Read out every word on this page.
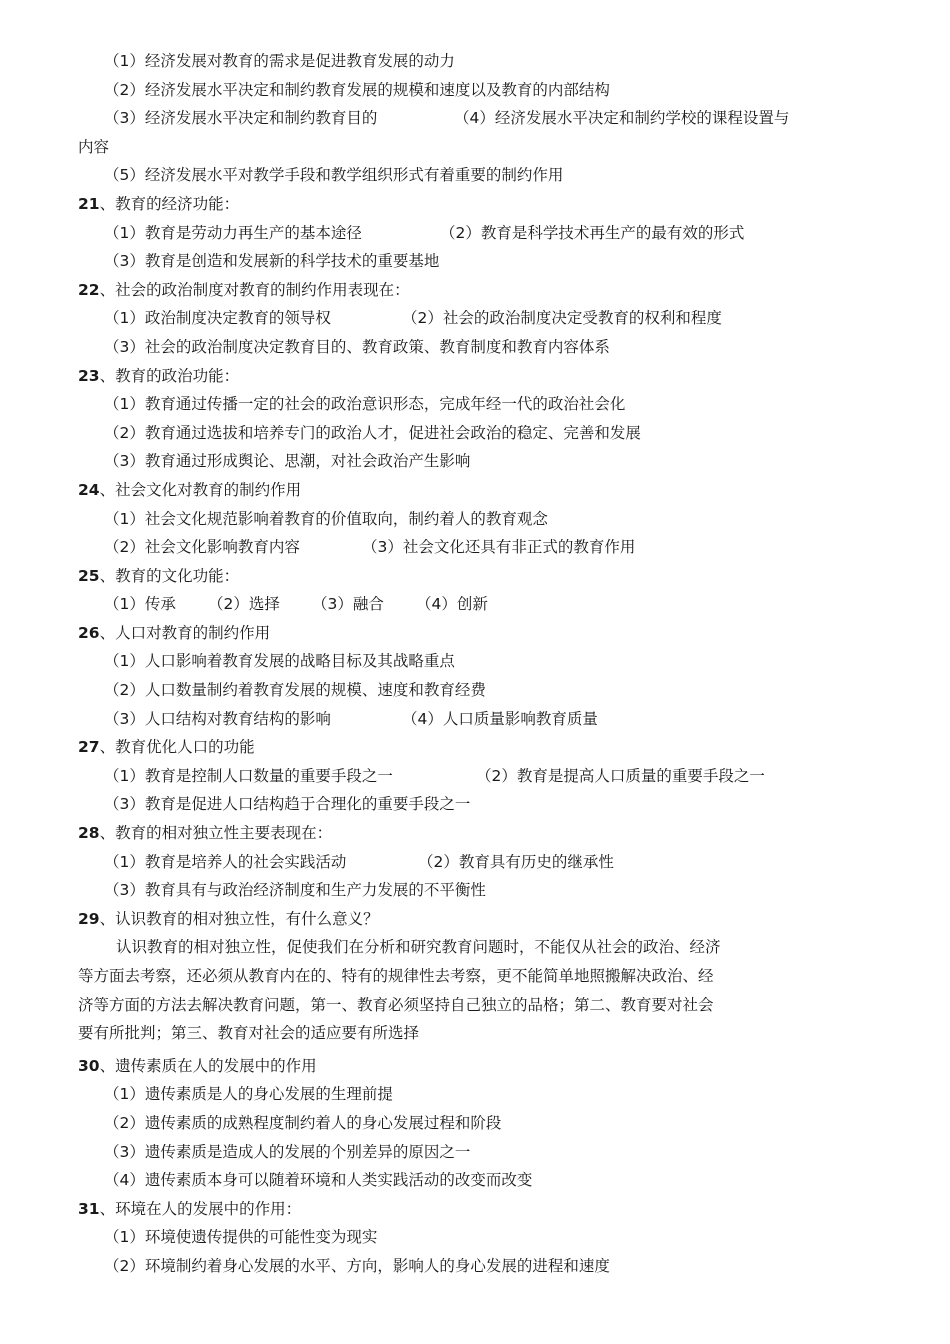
（1）经济发展对教育的需求是促进教育发展的动力
（2）经济发展水平决定和制约教育发展的规模和速度以及教育的内部结构
（3）经济发展水平决定和制约教育目的	（4）经济发展水平决定和制约学校的课程设置与
内容
（5）经济发展水平对教学手段和教学组织形式有着重要的制约作用
21、教育的经济功能：
（1）教育是劳动力再生产的基本途径	（2）教育是科学技术再生产的最有效的形式
（3）教育是创造和发展新的科学技术的重要基地
22、社会的政治制度对教育的制约作用表现在：
（1）政治制度决定教育的领导权	（2）社会的政治制度决定受教育的权利和程度
（3）社会的政治制度决定教育目的、教育政策、教育制度和教育内容体系
23、教育的政治功能：
（1）教育通过传播一定的社会的政治意识形态，完成年经一代的政治社会化
（2）教育通过选拔和培养专门的政治人才，促进社会政治的稳定、完善和发展
（3）教育通过形成舆论、思潮，对社会政治产生影响
24、社会文化对教育的制约作用
（1）社会文化规范影响着教育的价值取向，制约着人的教育观念
（2）社会文化影响教育内容	（3）社会文化还具有非正式的教育作用
25、教育的文化功能：
（1）传承 （2）选择 （3）融合 （4）创新
26、人口对教育的制约作用
（1）人口影响着教育发展的战略目标及其战略重点
（2）人口数量制约着教育发展的规模、速度和教育经费
（3）人口结构对教育结构的影响	（4）人口质量影响教育质量
27、教育优化人口的功能
（1）教育是控制人口数量的重要手段之一	（2）教育是提高人口质量的重要手段之一
（3）教育是促进人口结构趋于合理化的重要手段之一
28、教育的相对独立性主要表现在：
（1）教育是培养人的社会实践活动	（2）教育具有历史的继承性
（3）教育具有与政治经济制度和生产力发展的不平衡性
29、认识教育的相对独立性，有什么意义？
认识教育的相对独立性，促使我们在分析和研究教育问题时，不能仅从社会的政治、经济
等方面去考察，还必须从教育内在的、特有的规律性去考察，更不能简单地照搬解决政治、经
济等方面的方法去解决教育问题，第一、教育必须坚持自己独立的品格；第二、教育要对社会
要有所批判；第三、教育对社会的适应要有所选择
30、遗传素质在人的发展中的作用
（1）遗传素质是人的身心发展的生理前提
（2）遗传素质的成熟程度制约着人的身心发展过程和阶段
（3）遗传素质是造成人的发展的个别差异的原因之一
（4）遗传素质本身可以随着环境和人类实践活动的改变而改变
31、环境在人的发展中的作用：
（1）环境使遗传提供的可能性变为现实
（2）环境制约着身心发展的水平、方向，影响人的身心发展的进程和速度
